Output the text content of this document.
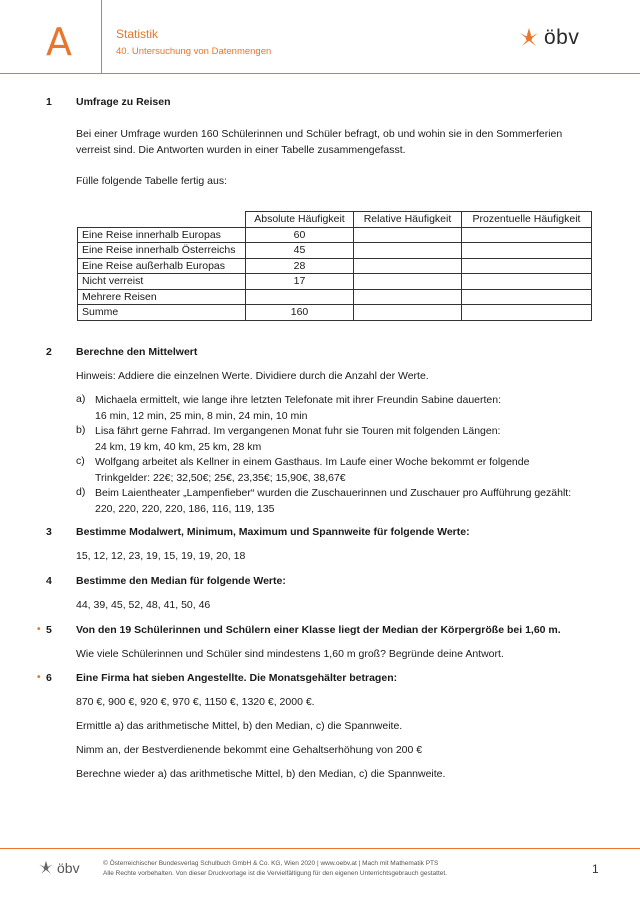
A	Statistik
40. Untersuchung von Datenmengen
öbv
1 Umfrage zu Reisen
Bei einer Umfrage wurden 160 Schülerinnen und Schüler befragt, ob und wohin sie in den Sommerferien verreist sind. Die Antworten wurden in einer Tabelle zusammengefasst.
Fülle folgende Tabelle fertig aus:
	Absolute Häufigkeit	Relative Häufigkeit	Prozentuelle Häufigkeit
Eine Reise innerhalb Europas	60		
Eine Reise innerhalb Österreichs	45		
Eine Reise außerhalb Europas	28		
Nicht verreist	17		
Mehrere Reisen			
Summe	160		
2 Berechne den Mittelwert
Hinweis: Addiere die einzelnen Werte. Dividiere durch die Anzahl der Werte.
a) Michaela ermittelt, wie lange ihre letzten Telefonate mit ihrer Freundin Sabine dauerten:
16 min, 12 min, 25 min, 8 min, 24 min, 10 min
b) Lisa fährt gerne Fahrrad. Im vergangenen Monat fuhr sie Touren mit folgenden Längen:
24 km, 19 km, 40 km, 25 km, 28 km
c) Wolfgang arbeitet als Kellner in einem Gasthaus. Im Laufe einer Woche bekommt er folgende
Trinkgelder: 22€; 32,50€; 25€, 23,35€; 15,90€, 38,67€
d) Beim Laientheater „Lampenfieber“ wurden die Zuschauerinnen und Zuschauer pro Aufführung gezählt:
220, 220, 220, 220, 186, 116, 119, 135
3 Bestimme Modalwert, Minimum, Maximum und Spannweite für folgende Werte:
15, 12, 12, 23, 19, 15, 19, 19, 20, 18
4 Bestimme den Median für folgende Werte:
44, 39, 45, 52, 48, 41, 50, 46
• 5 Von den 19 Schülerinnen und Schülern einer Klasse liegt der Median der Körpergröße bei 1,60 m.
Wie viele Schülerinnen und Schüler sind mindestens 1,60 m groß? Begründe deine Antwort.
• 6 Eine Firma hat sieben Angestellte. Die Monatsgehälter betragen:
870 €, 900 €, 920 €, 970 €, 1150 €, 1320 €, 2000 €.
Ermittle a) das arithmetische Mittel, b) den Median, c) die Spannweite.
Nimm an, der Bestverdienende bekommt eine Gehaltserhöhung von 200 €
Berechne wieder a) das arithmetische Mittel, b) den Median, c) die Spannweite.
öbv	© Österreichischer Bundesverlag Schulbuch GmbH & Co. KG, Wien 2020 | www.oebv.at | Mach mit Mathematik PTS
Alle Rechte vorbehalten. Von dieser Druckvorlage ist die Vervielfältigung für den eigenen Unterrichtsgebrauch gestattet.	1
